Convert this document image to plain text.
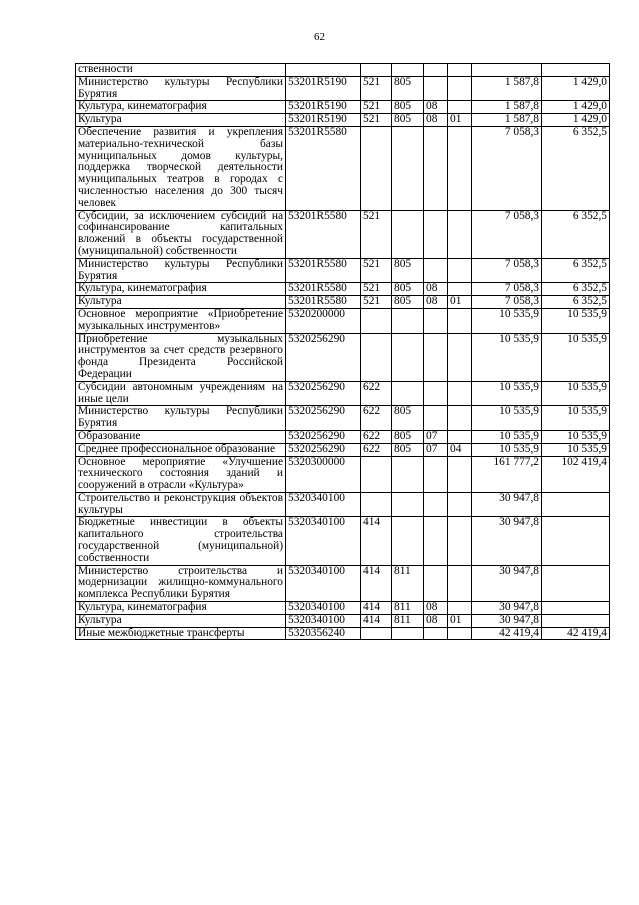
62
ственности							
Министерство культуры Республики Бурятия	53201R5190	521	805			1 587,8	1 429,0
Культура, кинематография	53201R5190	521	805	08		1 587,8	1 429,0
Культура	53201R5190	521	805	08	01	1 587,8	1 429,0
Обеспечение развития и укрепления материально-технической базы муниципальных домов культуры, поддержка творческой деятельности муниципальных театров в городах с численностью населения до 300 тысяч человек	53201R5580					7 058,3	6 352,5
Субсидии, за исключением субсидий на софинансирование капитальных вложений в объекты государственной (муниципальной) собственности	53201R5580	521				7 058,3	6 352,5
Министерство культуры Республики Бурятия	53201R5580	521	805			7 058,3	6 352,5
Культура, кинематография	53201R5580	521	805	08		7 058,3	6 352,5
Культура	53201R5580	521	805	08	01	7 058,3	6 352,5
Основное мероприятие «Приобретение музыкальных инструментов»	5320200000					10 535,9	10 535,9
Приобретение музыкальных инструментов за счет средств резервного фонда Президента Российской Федерации	5320256290					10 535,9	10 535,9
Субсидии автономным учреждениям на иные цели	5320256290	622				10 535,9	10 535,9
Министерство культуры Республики Бурятия	5320256290	622	805			10 535,9	10 535,9
Образование	5320256290	622	805	07		10 535,9	10 535,9
Среднее профессиональное образование	5320256290	622	805	07	04	10 535,9	10 535,9
Основное мероприятие «Улучшение технического состояния зданий и сооружений в отрасли «Культура»	5320300000					161 777,2	102 419,4
Строительство и реконструкция объектов культуры	5320340100					30 947,8	
Бюджетные инвестиции в объекты капитального строительства государственной (муниципальной) собственности	5320340100	414				30 947,8	
Министерство строительства и модернизации жилищно-коммунального комплекса Республики Бурятия	5320340100	414	811			30 947,8	
Культура, кинематография	5320340100	414	811	08		30 947,8	
Культура	5320340100	414	811	08	01	30 947,8	
Иные межбюджетные трансферты	5320356240					42 419,4	42 419,4
